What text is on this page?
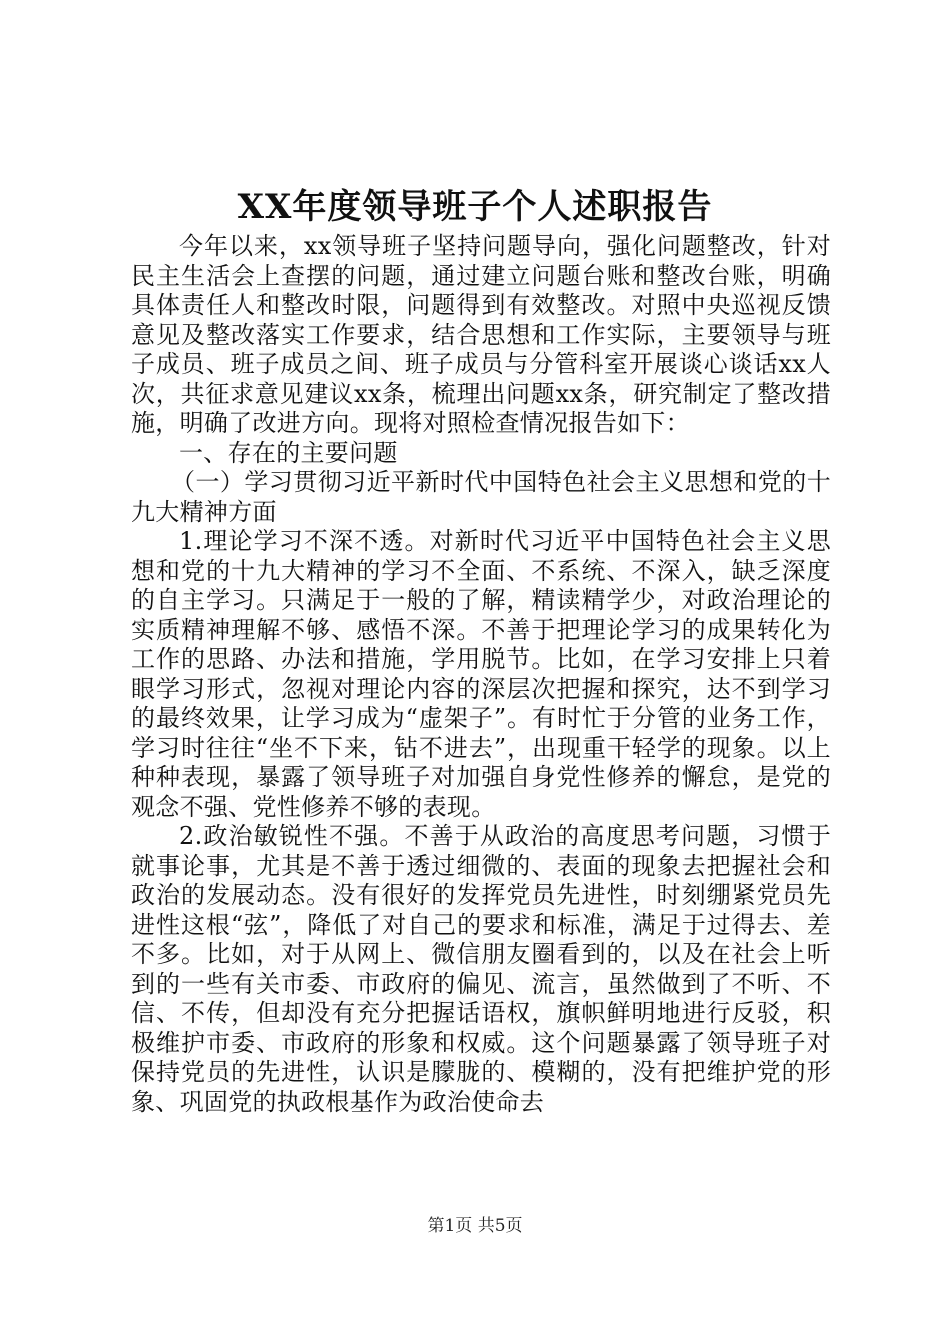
XX年度领导班子个人述职报告

今年以来，xx领导班子坚持问题导向，强化问题整改，针对民主生活会上查摆的问题，通过建立问题台账和整改台账，明确具体责任人和整改时限，问题得到有效整改。对照中央巡视反馈意见及整改落实工作要求，结合思想和工作实际，主要领导与班子成员、班子成员之间、班子成员与分管科室开展谈心谈话xx人次，共征求意见建议xx条，梳理出问题xx条，研究制定了整改措施，明确了改进方向。现将对照检查情况报告如下：

一、存在的主要问题

（一）学习贯彻习近平新时代中国特色社会主义思想和党的十九大精神方面

1.理论学习不深不透。对新时代习近平中国特色社会主义思想和党的十九大精神的学习不全面、不系统、不深入，缺乏深度的自主学习。只满足于一般的了解，精读精学少，对政治理论的实质精神理解不够、感悟不深。不善于把理论学习的成果转化为工作的思路、办法和措施，学用脱节。比如，在学习安排上只着眼学习形式，忽视对理论内容的深层次把握和探究，达不到学习的最终效果，让学习成为“虚架子”。有时忙于分管的业务工作，学习时往往“坐不下来，钻不进去”，出现重干轻学的现象。以上种种表现，暴露了领导班子对加强自身党性修养的懈怠，是党的观念不强、党性修养不够的表现。

2.政治敏锐性不强。不善于从政治的高度思考问题，习惯于就事论事，尤其是不善于透过细微的、表面的现象去把握社会和政治的发展动态。没有很好的发挥党员先进性，时刻绷紧党员先进性这根“弦”，降低了对自己的要求和标准，满足于过得去、差不多。比如，对于从网上、微信朋友圈看到的，以及在社会上听到的一些有关市委、市政府的偏见、流言，虽然做到了不听、不信、不传，但却没有充分把握话语权，旗帜鲜明地进行反驳，积极维护市委、市政府的形象和权威。这个问题暴露了领导班子对保持党员的先进性，认识是朦胧的、模糊的，没有把维护党的形象、巩固党的执政根基作为政治使命去

第1页 共5页
